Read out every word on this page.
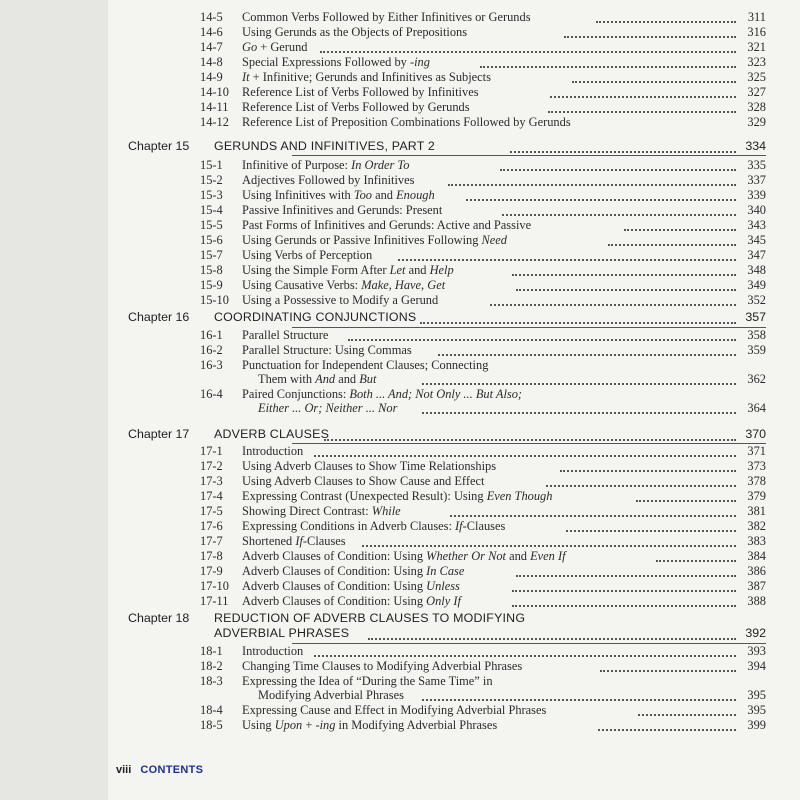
14-5 Common Verbs Followed by Either Infinitives or Gerunds	311
14-6 Using Gerunds as the Objects of Prepositions	316
14-7 Go + Gerund	321
14-8 Special Expressions Followed by -ing	323
14-9 It + Infinitive; Gerunds and Infinitives as Subjects	325
14-10 Reference List of Verbs Followed by Infinitives	327
14-11 Reference List of Verbs Followed by Gerunds	328
14-12 Reference List of Preposition Combinations Followed by Gerunds	329
Chapter 15 GERUNDS AND INFINITIVES, PART 2	334
15-1 Infinitive of Purpose: In Order To	335
15-2 Adjectives Followed by Infinitives	337
15-3 Using Infinitives with Too and Enough	339
15-4 Passive Infinitives and Gerunds: Present	340
15-5 Past Forms of Infinitives and Gerunds: Active and Passive	343
15-6 Using Gerunds or Passive Infinitives Following Need	345
15-7 Using Verbs of Perception	347
15-8 Using the Simple Form After Let and Help	348
15-9 Using Causative Verbs: Make, Have, Get	349
15-10 Using a Possessive to Modify a Gerund	352
Chapter 16 COORDINATING CONJUNCTIONS	357
16-1 Parallel Structure	358
16-2 Parallel Structure: Using Commas	359
16-3 Punctuation for Independent Clauses; Connecting
Them with And and But	362
16-4 Paired Conjunctions: Both ... And; Not Only ... But Also;
Either ... Or; Neither ... Nor	364
Chapter 17 ADVERB CLAUSES	370
17-1 Introduction	371
17-2 Using Adverb Clauses to Show Time Relationships	373
17-3 Using Adverb Clauses to Show Cause and Effect	378
17-4 Expressing Contrast (Unexpected Result): Using Even Though	379
17-5 Showing Direct Contrast: While	381
17-6 Expressing Conditions in Adverb Clauses: If-Clauses	382
17-7 Shortened If-Clauses	383
17-8 Adverb Clauses of Condition: Using Whether Or Not and Even If	384
17-9 Adverb Clauses of Condition: Using In Case	386
17-10 Adverb Clauses of Condition: Using Unless	387
17-11 Adverb Clauses of Condition: Using Only If	388
Chapter 18 REDUCTION OF ADVERB CLAUSES TO MODIFYING
ADVERBIAL PHRASES	392
18-1 Introduction	393
18-2 Changing Time Clauses to Modifying Adverbial Phrases	394
18-3 Expressing the Idea of “During the Same Time” in
Modifying Adverbial Phrases	395
18-4 Expressing Cause and Effect in Modifying Adverbial Phrases	395
18-5 Using Upon + -ing in Modifying Adverbial Phrases	399
viii CONTENTS
